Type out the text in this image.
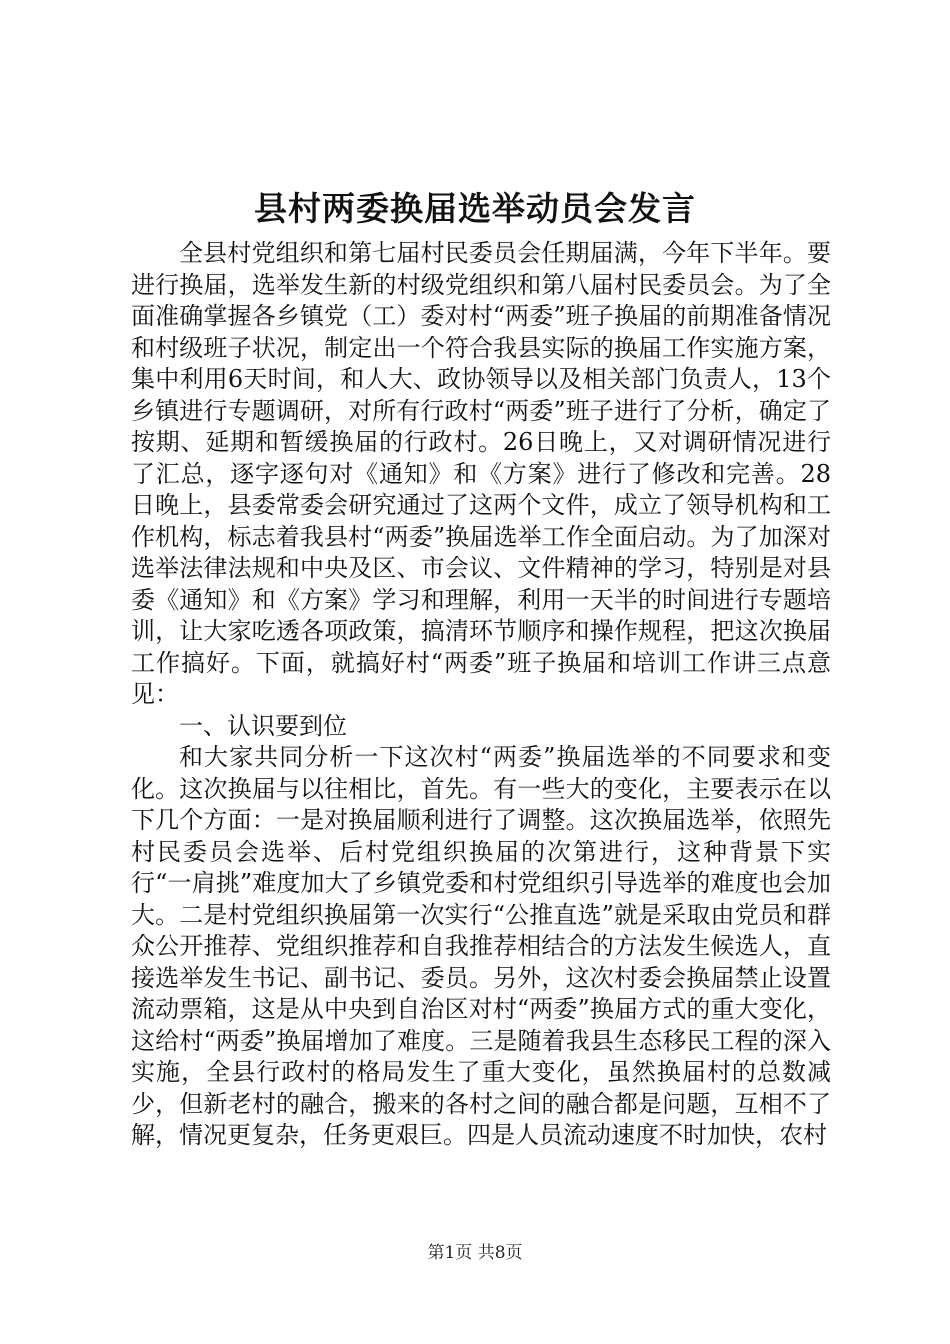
县村两委换届选举动员会发言

全县村党组织和第七届村民委员会任期届满，今年下半年。要进行换届，选举发生新的村级党组织和第八届村民委员会。为了全面准确掌握各乡镇党（工）委对村“两委”班子换届的前期准备情况和村级班子状况，制定出一个符合我县实际的换届工作实施方案，集中利用6天时间，和人大、政协领导以及相关部门负责人，13个乡镇进行专题调研，对所有行政村“两委”班子进行了分析，确定了按期、延期和暂缓换届的行政村。26日晚上，又对调研情况进行了汇总，逐字逐句对《通知》和《方案》进行了修改和完善。28日晚上，县委常委会研究通过了这两个文件，成立了领导机构和工作机构，标志着我县村“两委”换届选举工作全面启动。为了加深对选举法律法规和中央及区、市会议、文件精神的学习，特别是对县委《通知》和《方案》学习和理解，利用一天半的时间进行专题培训，让大家吃透各项政策，搞清环节顺序和操作规程，把这次换届工作搞好。下面，就搞好村“两委”班子换届和培训工作讲三点意见：

一、认识要到位

和大家共同分析一下这次村“两委”换届选举的不同要求和变化。这次换届与以往相比，首先。有一些大的变化，主要表示在以下几个方面：一是对换届顺利进行了调整。这次换届选举，依照先村民委员会选举、后村党组织换届的次第进行，这种背景下实行“一肩挑”难度加大了乡镇党委和村党组织引导选举的难度也会加大。二是村党组织换届第一次实行“公推直选”就是采取由党员和群众公开推荐、党组织推荐和自我推荐相结合的方法发生候选人，直接选举发生书记、副书记、委员。另外，这次村委会换届禁止设置流动票箱，这是从中央到自治区对村“两委”换届方式的重大变化，这给村“两委”换届增加了难度。三是随着我县生态移民工程的深入实施，全县行政村的格局发生了重大变化，虽然换届村的总数减少，但新老村的融合，搬来的各村之间的融合都是问题，互相不了解，情况更复杂，任务更艰巨。四是人员流动速度不时加快，农村

第1页 共8页
